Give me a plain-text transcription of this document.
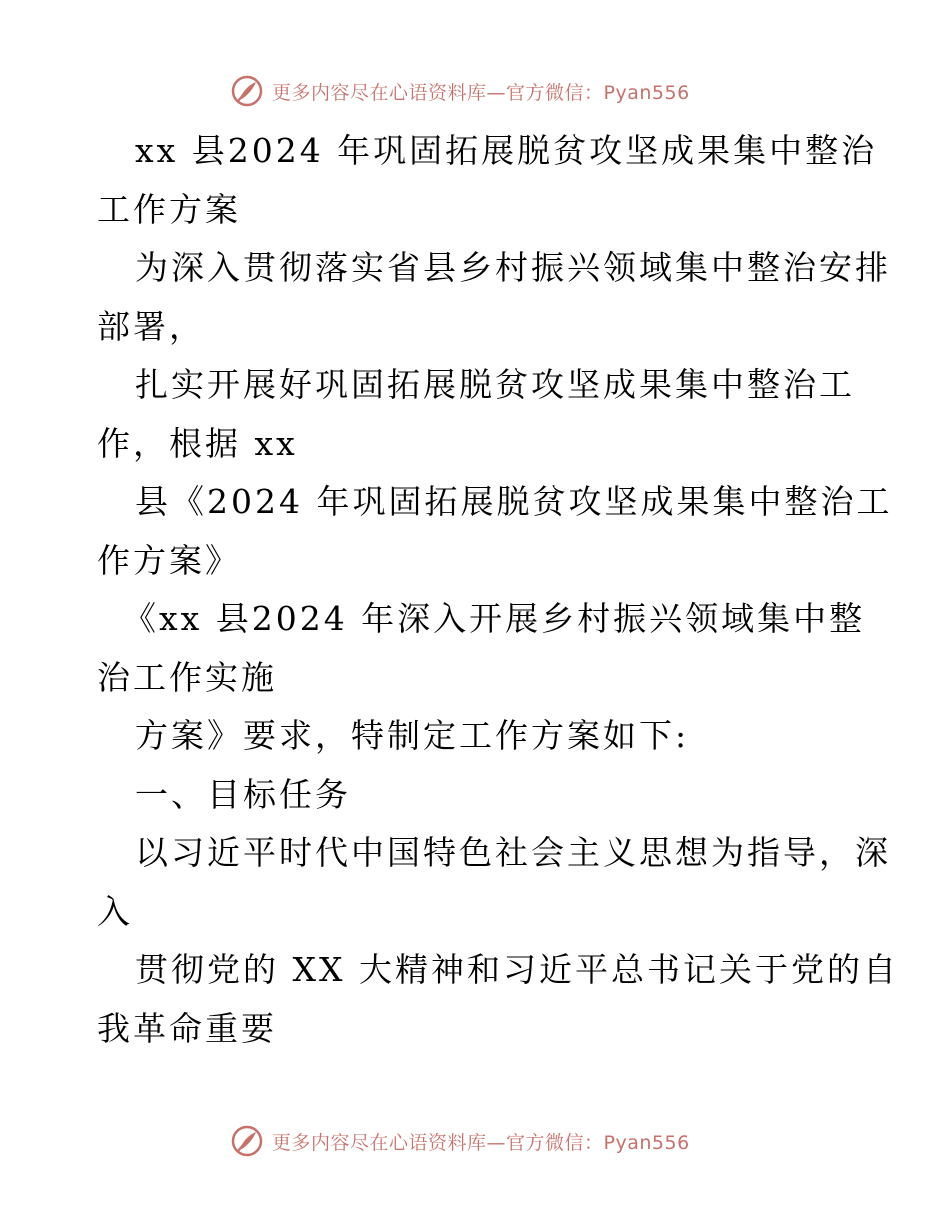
更多内容尽在心语资料库—官方微信：Pyan556

xx 县2024 年巩固拓展脱贫攻坚成果集中整治

工作方案

为深入贯彻落实省县乡村振兴领域集中整治安排

部署，

扎实开展好巩固拓展脱贫攻坚成果集中整治工

作，根据 xx

县《2024 年巩固拓展脱贫攻坚成果集中整治工

作方案》

《xx 县2024 年深入开展乡村振兴领域集中整

治工作实施

方案》要求，特制定工作方案如下:

一、目标任务

以习近平时代中国特色社会主义思想为指导，深

入

贯彻党的 XX 大精神和习近平总书记关于党的自

我革命重要

更多内容尽在心语资料库—官方微信：Pyan556
